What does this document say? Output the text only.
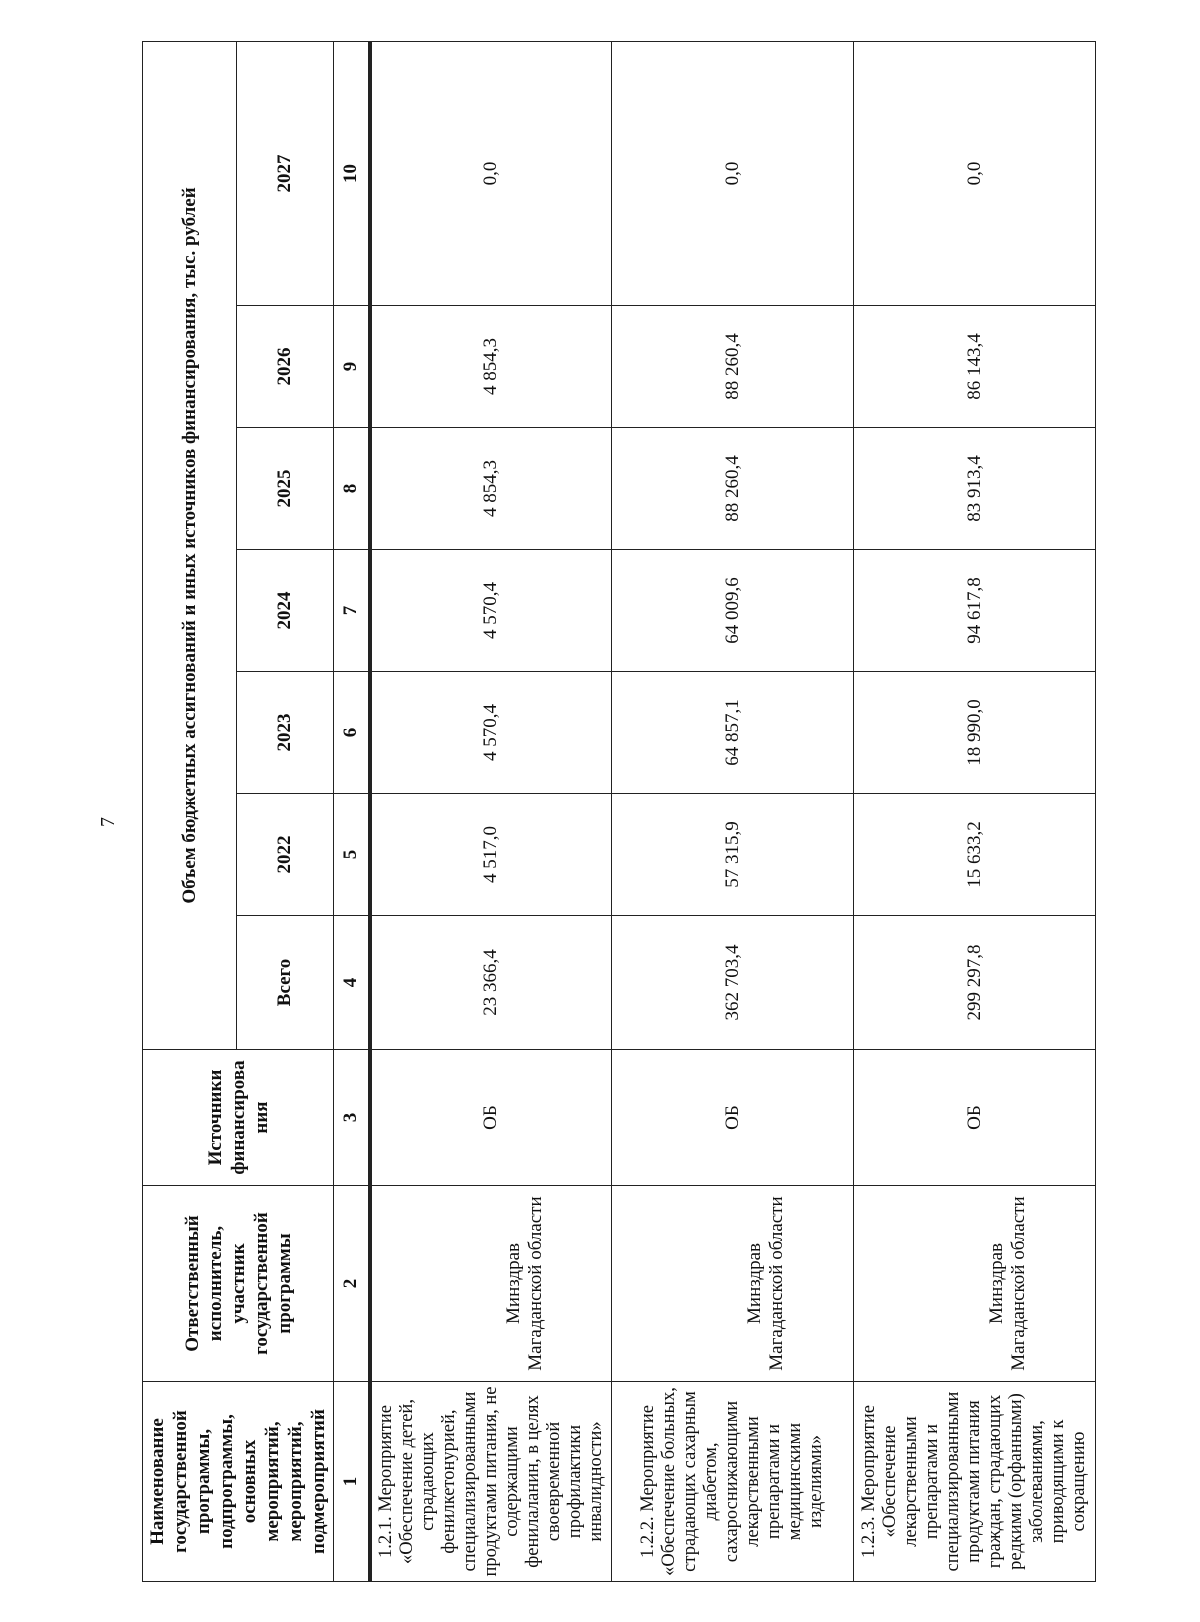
7
Наименование государственной программы, подпрограммы, основных мероприятий, мероприятий, подмероприятий	Ответственный исполнитель, участник государственной программы	Источники финансирова ния	Объем бюджетных ассигнований и иных источников финансирования, тыс. рублей						
			Всего	2022	2023	2024	2025	2026	2027
1	2	3	4	5	6	7	8	9	10
1.2.1. Мероприятие «Обеспечение детей, страдающих фенилкетонурией, специализированными продуктами питания, не содержащими фенилаланин, в целях своевременной профилактики инвалидности»	Минздрав Магаданской области	ОБ	23 366,4	4 517,0	4 570,4	4 570,4	4 854,3	4 854,3	0,0
1.2.2. Мероприятие «Обеспечение больных, страдающих сахарным диабетом, сахароснижающими лекарственными препаратами и медицинскими изделиями»	Минздрав Магаданской области	ОБ	362 703,4	57 315,9	64 857,1	64 009,6	88 260,4	88 260,4	0,0
1.2.3. Мероприятие «Обеспечение лекарственными препаратами и специализированными продуктами питания граждан, страдающих редкими (орфанными) заболеваниями, приводящими к сокращению	Минздрав Магаданской области	ОБ	299 297,8	15 633,2	18 990,0	94 617,8	83 913,4	86 143,4	0,0
